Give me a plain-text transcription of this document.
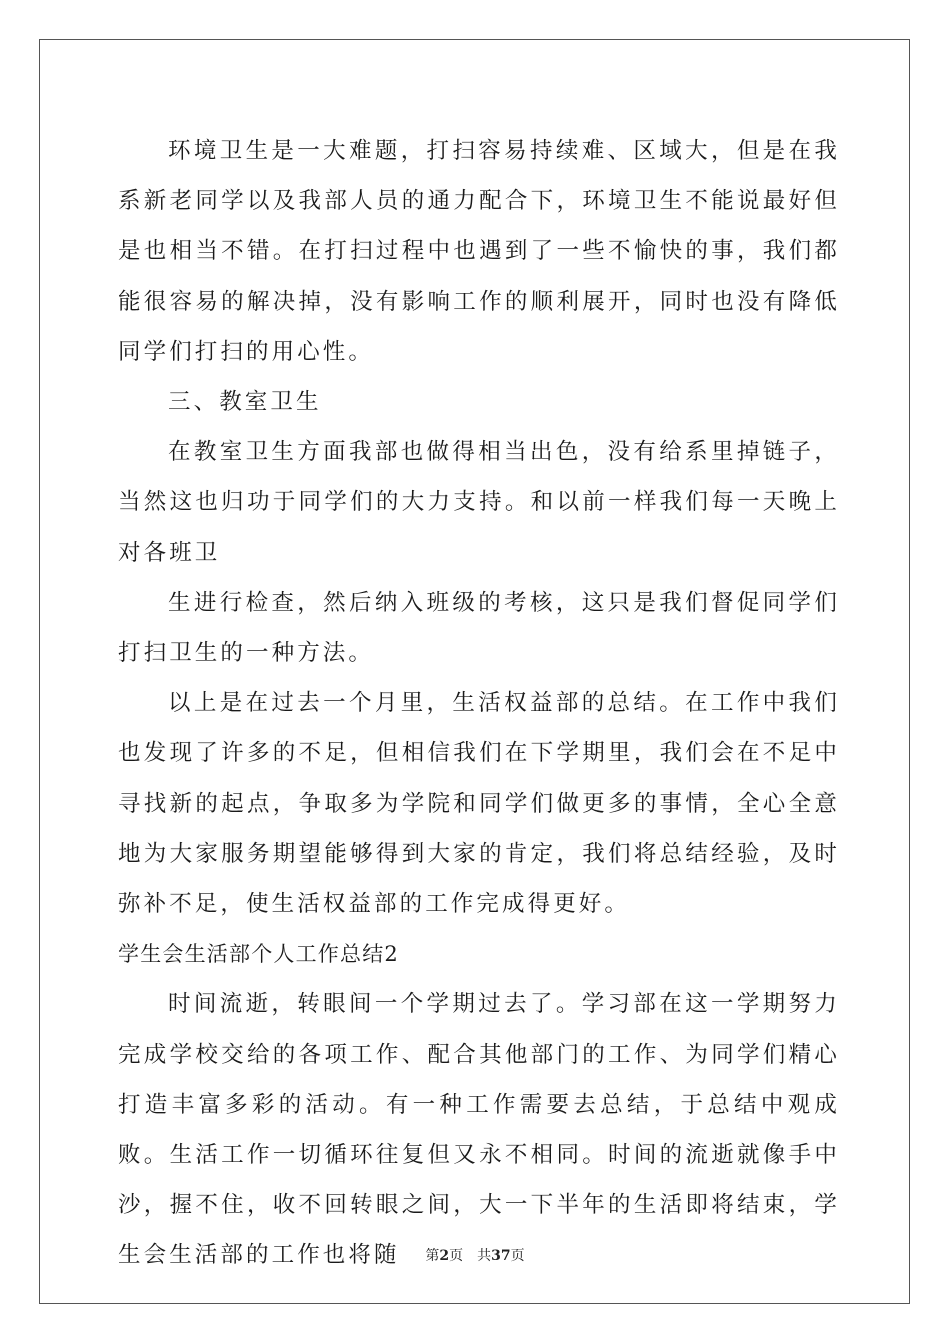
环境卫生是一大难题，打扫容易持续难、区域大，但是在我系新老同学以及我部人员的通力配合下，环境卫生不能说最好但是也相当不错。在打扫过程中也遇到了一些不愉快的事，我们都能很容易的解决掉，没有影响工作的顺利展开，同时也没有降低同学们打扫的用心性。

三、教室卫生

在教室卫生方面我部也做得相当出色，没有给系里掉链子，当然这也归功于同学们的大力支持。和以前一样我们每一天晚上对各班卫

生进行检查，然后纳入班级的考核，这只是我们督促同学们打扫卫生的一种方法。

以上是在过去一个月里，生活权益部的总结。在工作中我们也发现了许多的不足，但相信我们在下学期里，我们会在不足中寻找新的起点，争取多为学院和同学们做更多的事情，全心全意地为大家服务期望能够得到大家的肯定，我们将总结经验，及时弥补不足，使生活权益部的工作完成得更好。

学生会生活部个人工作总结2

时间流逝，转眼间一个学期过去了。学习部在这一学期努力完成学校交给的各项工作、配合其他部门的工作、为同学们精心打造丰富多彩的活动。有一种工作需要去总结，于总结中观成败。生活工作一切循环往复但又永不相同。时间的流逝就像手中沙，握不住，收不回转眼之间，大一下半年的生活即将结束，学生会生活部的工作也将随	第2页 共37页
